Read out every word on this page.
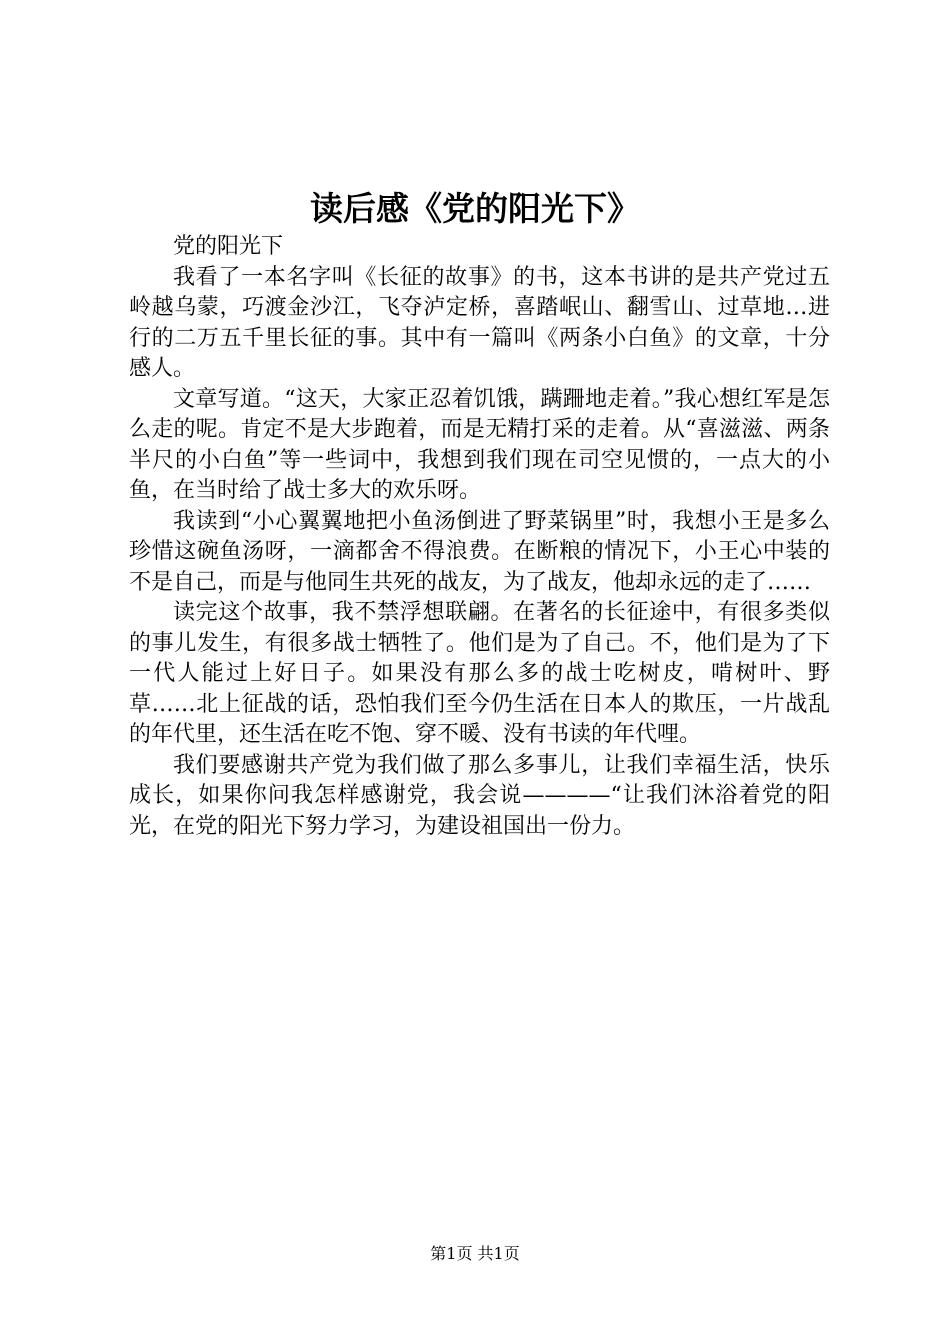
读后感《党的阳光下》

党的阳光下

我看了一本名字叫《长征的故事》的书，这本书讲的是共产党过五岭越乌蒙，巧渡金沙江，飞夺泸定桥，喜踏岷山、翻雪山、过草地…进行的二万五千里长征的事。其中有一篇叫《两条小白鱼》的文章，十分感人。

文章写道。“这天，大家正忍着饥饿，蹒跚地走着。”我心想红军是怎么走的呢。肯定不是大步跑着，而是无精打采的走着。从“喜滋滋、两条半尺的小白鱼”等一些词中，我想到我们现在司空见惯的，一点大的小鱼，在当时给了战士多大的欢乐呀。

我读到“小心翼翼地把小鱼汤倒进了野菜锅里”时，我想小王是多么珍惜这碗鱼汤呀，一滴都舍不得浪费。在断粮的情况下，小王心中装的不是自己，而是与他同生共死的战友，为了战友，他却永远的走了……

读完这个故事，我不禁浮想联翩。在著名的长征途中，有很多类似的事儿发生，有很多战士牺牲了。他们是为了自己。不，他们是为了下一代人能过上好日子。如果没有那么多的战士吃树皮，啃树叶、野草……北上征战的话，恐怕我们至今仍生活在日本人的欺压，一片战乱的年代里，还生活在吃不饱、穿不暖、没有书读的年代哩。

我们要感谢共产党为我们做了那么多事儿，让我们幸福生活，快乐成长，如果你问我怎样感谢党，我会说————“让我们沐浴着党的阳光，在党的阳光下努力学习，为建设祖国出一份力。

第1页 共1页
